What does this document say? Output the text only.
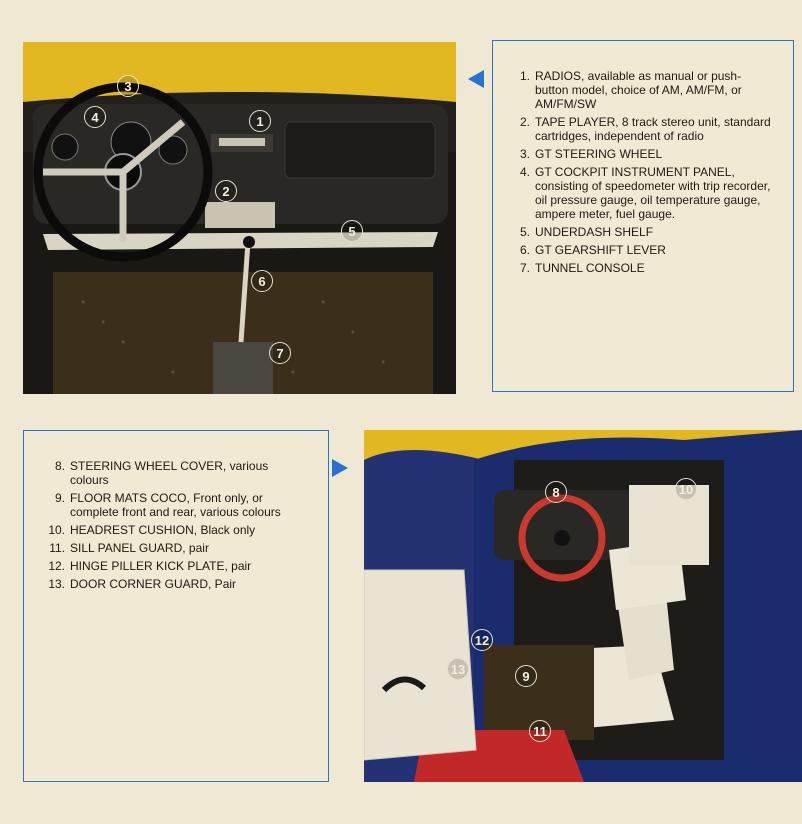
3
4	1
2
5
6
7
1. RADIOS, available as manual or push-button model, choice of AM, AM/FM, or AM/FM/SW
2. TAPE PLAYER, 8 track stereo unit, standard cartridges, independent of radio
3. GT STEERING WHEEL
4. GT COCKPIT INSTRUMENT PANEL, consisting of speedometer with trip recorder, oil pressure gauge, oil temperature gauge, ampere meter, fuel gauge.
5. UNDERDASH SHELF
6. GT GEARSHIFT LEVER
7. TUNNEL CONSOLE
8. STEERING WHEEL COVER, various colours
9. FLOOR MATS COCO, Front only, or complete front and rear, various colours
10. HEADREST CUSHION, Black only
11. SILL PANEL GUARD, pair
12. HINGE PILLER KICK PLATE, pair
13. DOOR CORNER GUARD, Pair
8	10
12
13	9
11
